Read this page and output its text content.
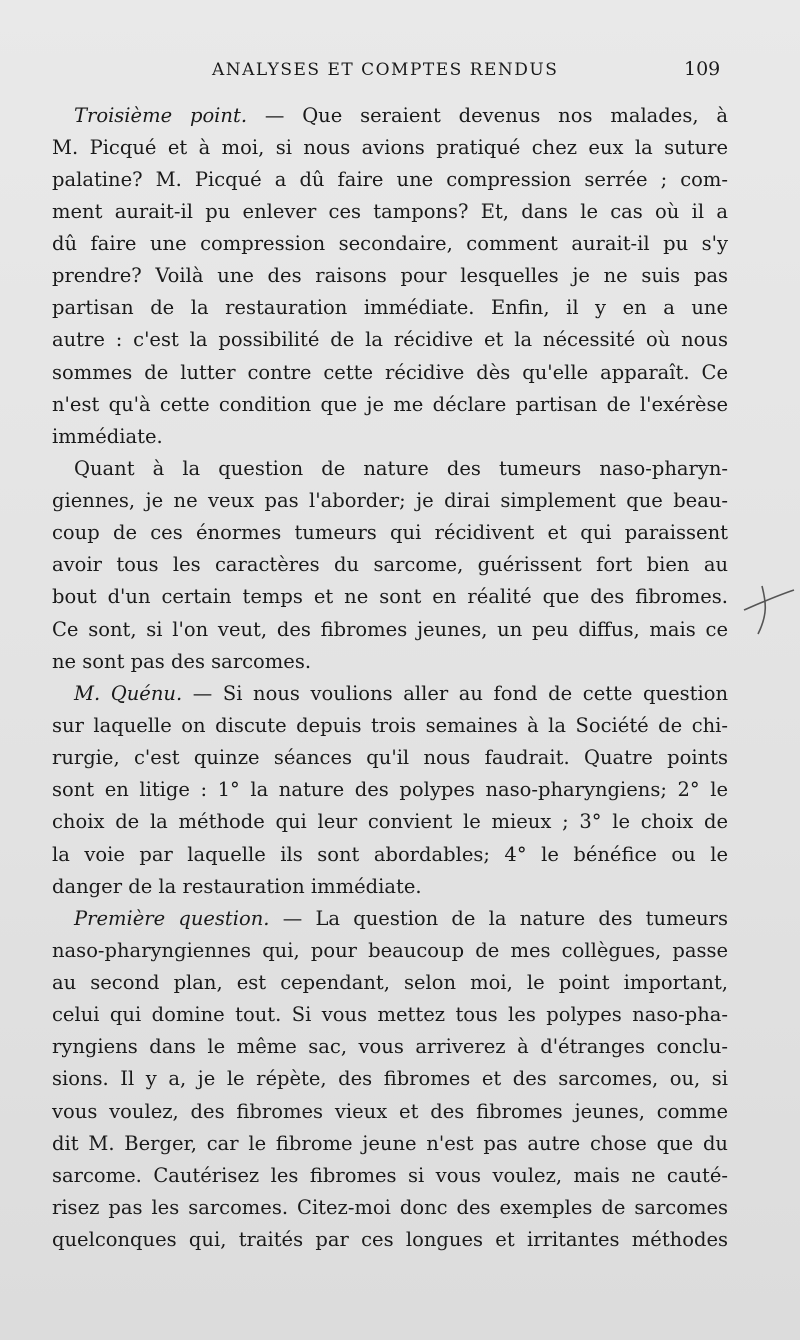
ANALYSES ET COMPTES RENDUS	109
Troisième point. — Que seraient devenus nos malades, à
M. Picqué et à moi, si nous avions pratiqué chez eux la suture
palatine? M. Picqué a dû faire une compression serrée ; com-
ment aurait-il pu enlever ces tampons? Et, dans le cas où il a
dû faire une compression secondaire, comment aurait-il pu s'y
prendre? Voilà une des raisons pour lesquelles je ne suis pas
partisan de la restauration immédiate. Enfin, il y en a une
autre : c'est la possibilité de la récidive et la nécessité où nous
sommes de lutter contre cette récidive dès qu'elle apparaît. Ce
n'est qu'à cette condition que je me déclare partisan de l'exérèse
immédiate.
Quant à la question de nature des tumeurs naso-pharyn-
giennes, je ne veux pas l'aborder; je dirai simplement que beau-
coup de ces énormes tumeurs qui récidivent et qui paraissent
avoir tous les caractères du sarcome, guérissent fort bien au
bout d'un certain temps et ne sont en réalité que des fibromes.
Ce sont, si l'on veut, des fibromes jeunes, un peu diffus, mais ce
ne sont pas des sarcomes.
M. Quénu. — Si nous voulions aller au fond de cette question
sur laquelle on discute depuis trois semaines à la Société de chi-
rurgie, c'est quinze séances qu'il nous faudrait. Quatre points
sont en litige : 1° la nature des polypes naso-pharyngiens; 2° le
choix de la méthode qui leur convient le mieux ; 3° le choix de
la voie par laquelle ils sont abordables; 4° le bénéfice ou le
danger de la restauration immédiate.
Première question. — La question de la nature des tumeurs
naso-pharyngiennes qui, pour beaucoup de mes collègues, passe
au second plan, est cependant, selon moi, le point important,
celui qui domine tout. Si vous mettez tous les polypes naso-pha-
ryngiens dans le même sac, vous arriverez à d'étranges conclu-
sions. Il y a, je le répète, des fibromes et des sarcomes, ou, si
vous voulez, des fibromes vieux et des fibromes jeunes, comme
dit M. Berger, car le fibrome jeune n'est pas autre chose que du
sarcome. Cautérisez les fibromes si vous voulez, mais ne cauté-
risez pas les sarcomes. Citez-moi donc des exemples de sarcomes
quelconques qui, traités par ces longues et irritantes méthodes
